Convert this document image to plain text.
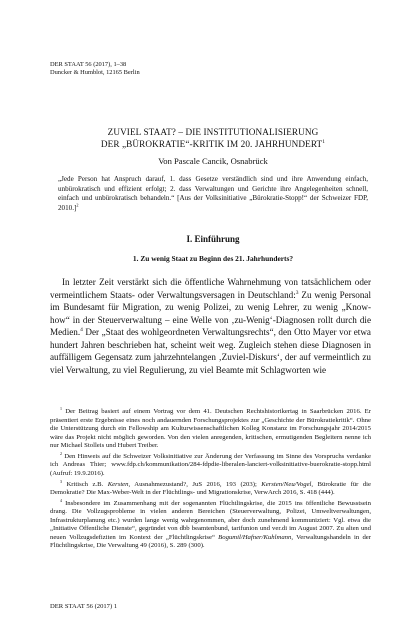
DER STAAT 56 (2017), 1–38
Duncker & Humblot, 12165 Berlin
ZUVIEL STAAT? – DIE INSTITUTIONALISIERUNG
DER „BÜROKRATIE“-KRITIK IM 20. JAHRHUNDERT$^1$
Von Pascale Cancik, Osnabrück
„Jede Person hat Anspruch darauf, 1. dass Gesetze verständlich sind und ihre Anwendung einfach, unbürokratisch und effizient erfolgt; 2. dass Verwaltungen und Gerichte ihre Angelegenheiten schnell, einfach und unbürokratisch behandeln.“ [Aus der Volksinitiative „Bürokratie-Stopp!“ der Schweizer FDP, 2010.]$^2$
I. Einführung
1. Zu wenig Staat zu Beginn des 21. Jahrhunderts?

In letzter Zeit verstärkt sich die öffentliche Wahrnehmung von tatsächlichem oder vermeintlichem Staats- oder Verwaltungsversagen in Deutschland:$^3$ Zu wenig Personal im Bundesamt für Migration, zu wenig Polizei, zu wenig Lehrer, zu wenig „Know-how“ in der Steuerverwaltung – eine Welle von ‚zu-Wenig‘-Diagnosen rollt durch die Medien.$^4$ Der „Staat des wohlgeordneten Verwaltungsrechts“, den Otto Mayer vor etwa hundert Jahren beschrieben hat, scheint weit weg. Zugleich stehen diese Diagnosen in auffälligem Gegensatz zum jahrzehntelangen ‚Zuviel-Diskurs‘, der auf vermeintlich zu viel Verwaltung, zu viel Regulierung, zu viel Beamte mit Schlagworten wie

$^1$ Der Beitrag basiert auf einem Vortrag vor dem 41. Deutschen Rechtshistorikertag in Saarbrücken 2016. Er präsentiert erste Ergebnisse eines noch andauernden Forschungsprojektes zur „Geschichte der Bürokratiekritik“. Ohne die Unterstützung durch ein Fellowship am Kulturwissenschaftlichen Kolleg Konstanz im Forschungsjahr 2014/2015 wäre das Projekt nicht möglich geworden. Von den vielen anregenden, kritischen, ermutigenden Begleitern nenne ich nur Michael Stolleis und Hubert Treiber.

$^2$ Den Hinweis auf die Schweizer Volksinitiative zur Änderung der Verfassung im Sinne des Vorspruchs verdanke ich Andreas Thier; www.fdp.ch/kommunikation/284-fdpdie-liberalen-lanciert-volksinitiative-buerokratie-stopp.html (Aufruf: 19.9.2016).

$^3$ Kritisch z.B. Kersten, Ausnahmezustand?, JuS 2016, 193 (203); Kersten/Neu/Vogel, Bürokratie für die Demokratie? Die Max-Weber-Welt in der Flüchtlings- und Migrationskrise, VerwArch 2016, S. 418 (444).

$^4$ Insbesondere im Zusammenhang mit der sogenannten Flüchtlingskrise, die 2015 ins öffentliche Bewusstsein drang. Die Vollzugsprobleme in vielen anderen Bereichen (Steuerverwaltung, Polizei, Umweltverwaltungen, Infrastrukturplanung etc.) wurden lange wenig wahrgenommen, aber doch zunehmend kommuniziert: Vgl. etwa die „Initiative Öffentliche Dienste“, gegründet von dbb beamtenbund, tarifunion und ver.di im August 2007. Zu alten und neuen Vollzugsdefiziten im Kontext der „Flüchtlingskrise“ Bogumil/Hafner/Kuhlmann, Verwaltungshandeln in der Flüchtlingskrise, Die Verwaltung 49 (2016), S. 289 (300).

DER STAAT 56 (2017) 1
